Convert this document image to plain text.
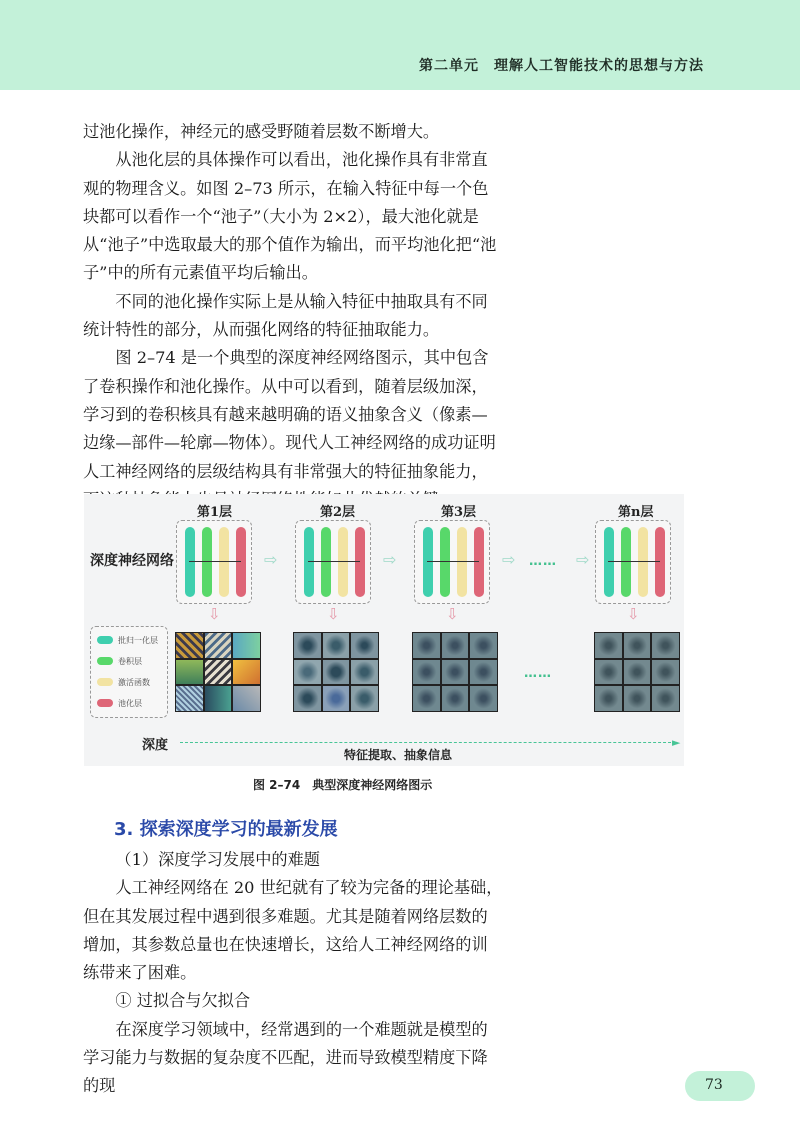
第二单元　理解人工智能技术的思想与方法

过池化操作，神经元的感受野随着层数不断增大。

从池化层的具体操作可以看出，池化操作具有非常直观的物理含义。如图 2–73 所示，在输入特征中每一个色块都可以看作一个“池子”（大小为 2×2），最大池化就是从“池子”中选取最大的那个值作为输出，而平均池化把“池子”中的所有元素值平均后输出。

不同的池化操作实际上是从输入特征中抽取具有不同统计特性的部分，从而强化网络的特征抽取能力。

图 2–74 是一个典型的深度神经网络图示，其中包含了卷积操作和池化操作。从中可以看到，随着层级加深，学习到的卷积核具有越来越明确的语义抽象含义（像素—边缘—部件—轮廓—物体）。现代人工神经网络的成功证明人工神经网络的层级结构具有非常强大的特征抽象能力，

深度神经网络
第1层	第2层	第3层	第n层
⇨	⇨	⇨ …… ⇨
⇩	⇩	⇩	⇩
批归一化层
卷积层
激活函数
池化层
……
深度	►
特征提取、抽象信息
图 2–74　典型深度神经网络图示
3. 探索深度学习的最新发展

（1）深度学习发展中的难题

人工神经网络在 20 世纪就有了较为完备的理论基础，但在其发展过程中遇到很多难题。尤其是随着网络层数的增加，其参数总量也在快速增长，这给人工神经网络的训练带来了困难。

① 过拟合与欠拟合

在深度学习领域中，经常遇到的一个难题就是模型的学习能力与数据的复杂度不匹配，进而导致模型精度下降的现	73
